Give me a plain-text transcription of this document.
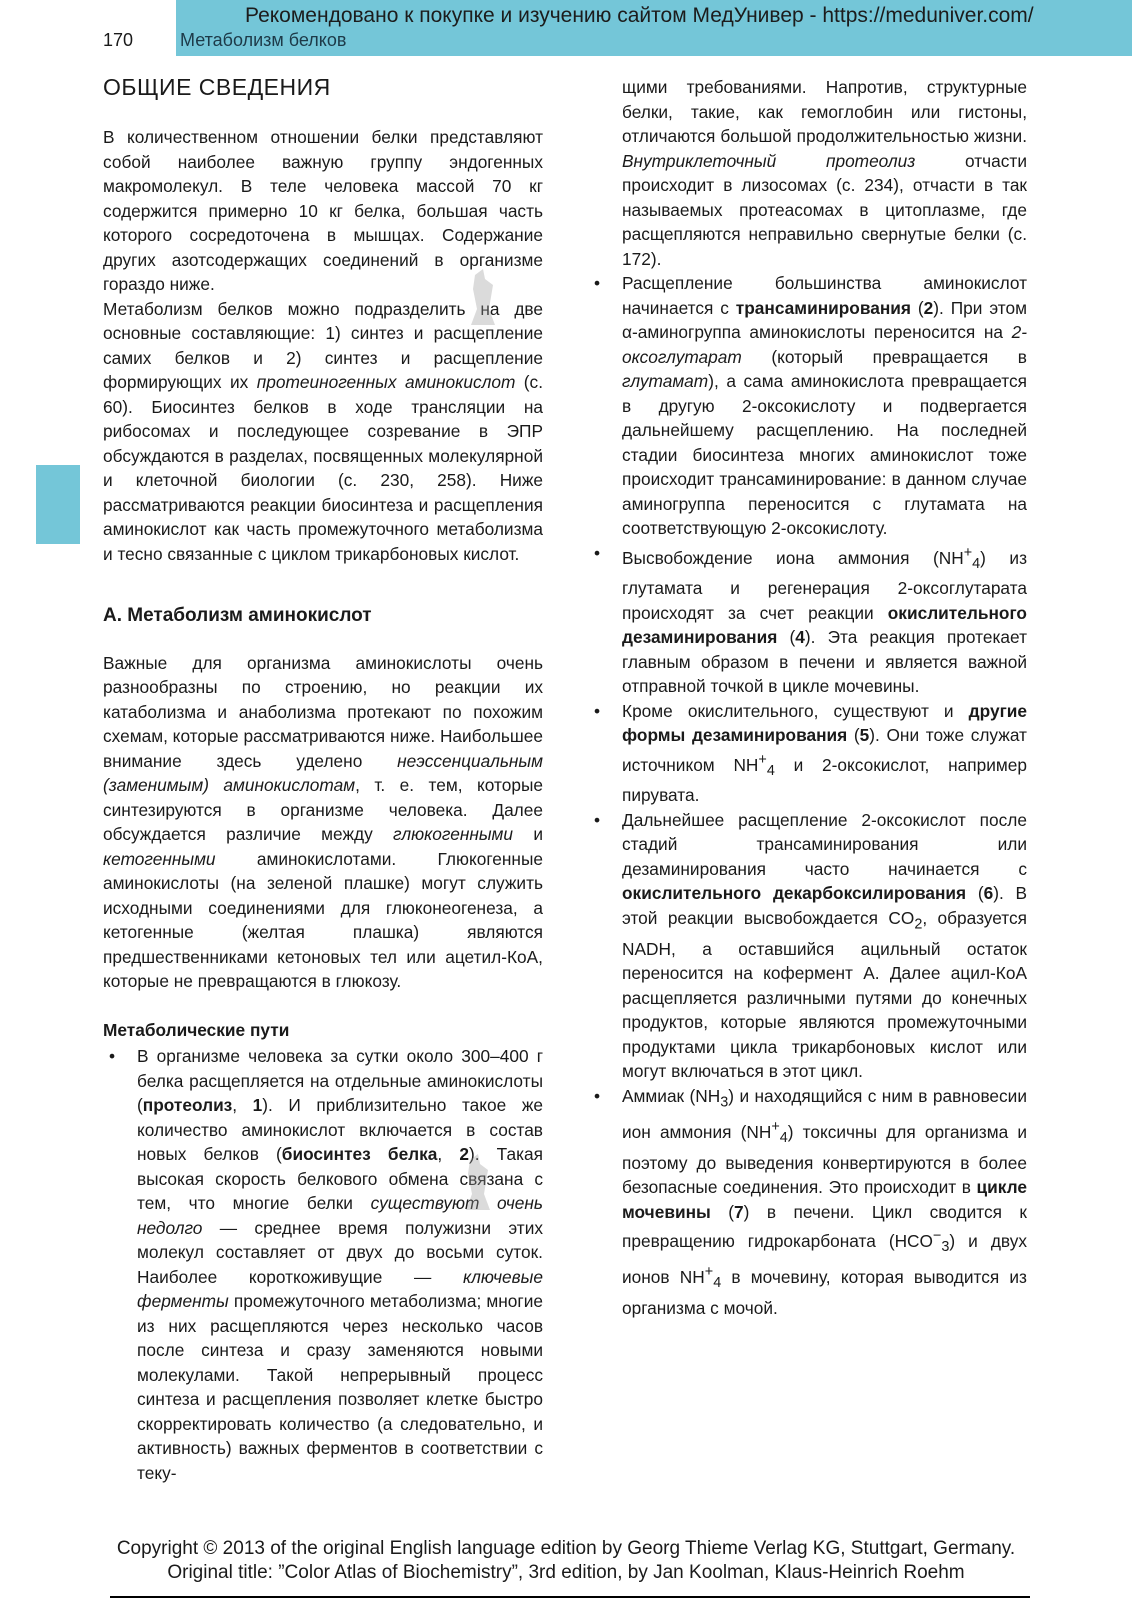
Рекомендовано к покупке и изучению сайтом МедУнивер - https://meduniver.com/
170	Метаболизм белков
ОБЩИЕ СВЕДЕНИЯ

В количественном отношении белки представляют собой наиболее важную группу эндогенных макромолекул. В теле человека массой 70 кг содержится примерно 10 кг белка, большая часть которого сосредоточена в мышцах. Содержание других азотсодержащих соединений в организме гораздо ниже.

Метаболизм белков можно подразделить на две основные составляющие: 1) синтез и расщепление самих белков и 2) синтез и расщепление формирующих их протеиногенных аминокислот (с. 60). Биосинтез белков в ходе трансляции на рибосомах и последующее созревание в ЭПР обсуждаются в разделах, посвященных молекулярной и клеточной биологии (с. 230, 258). Ниже рассматриваются реакции биосинтеза и расщепления аминокислот как часть промежуточного метаболизма и тесно связанные с циклом трикарбоновых кислот.

А. Метаболизм аминокислот

Важные для организма аминокислоты очень разнообразны по строению, но реакции их катаболизма и анаболизма протекают по похожим схемам, которые рассматриваются ниже. Наибольшее внимание здесь уделено неэссенциальным (заменимым) аминокислотам, т. е. тем, которые синтезируются в организме человека. Далее обсуждается различие между глюкогенными и кетогенными аминокислотами. Глюкогенные аминокислоты (на зеленой плашке) могут служить исходными соединениями для глюконеогенеза, а кетогенные (желтая плашка) являются предшественниками кетоновых тел или ацетил-КоА, которые не превращаются в глюкозу.

Метаболические пути
• В организме человека за сутки около 300–400 г белка расщепляется на отдельные аминокислоты (протеолиз, 1). И приблизительно такое же количество аминокислот включается в состав новых белков (биосинтез белка, 2). Такая высокая скорость белкового обмена связана с тем, что многие белки существуют очень недолго — среднее время полужизни этих молекул составляет от двух до восьми суток. Наиболее короткоживущие — ключевые ферменты промежуточного метаболизма; многие из них расщепляются через несколько часов после синтеза и сразу заменяются новыми молекулами. Такой непрерывный процесс синтеза и расщепления позволяет клетке быстро скорректировать количество (а следовательно, и активность) важных ферментов в соответствии с теку-

щими требованиями. Напротив, структурные белки, такие, как гемоглобин или гистоны, отличаются большой продолжительностью жизни. Внутриклеточный протеолиз отчасти происходит в лизосомах (с. 234), отчасти в так называемых протеасомах в цитоплазме, где расщепляются неправильно свернутые белки (с. 172).

• Расщепление большинства аминокислот начинается с трансаминирования (2). При этом α-аминогруппа аминокислоты переносится на 2-оксоглутарат (который превращается в глутамат), а сама аминокислота превращается в другую 2-оксокислоту и подвергается дальнейшему расщеплению. На последней стадии биосинтеза многих аминокислот тоже происходит трансаминирование: в данном случае аминогруппа переносится с глутамата на соответствующую 2-оксокислоту.
• Высвобождение иона аммония $(NH^+_4)$ из глутамата и регенерация 2-оксоглутарата происходят за счет реакции окислительного дезаминирования (4). Эта реакция протекает главным образом в печени и является важной отправной точкой в цикле мочевины.
• Кроме окислительного, существуют и другие формы дезаминирования (5). Они тоже служат источником $NH^+_4$ и 2-оксокислот, например пирувата.
• Дальнейшее расщепление 2-оксокислот после стадий трансаминирования или дезаминирования часто начинается с окислительного декарбоксилирования (6). В этой реакции высвобождается $CO_2$, образуется NADH, а оставшийся ацильный остаток переносится на кофермент A. Далее ацил-КоА расщепляется различными путями до конечных продуктов, которые являются промежуточными продуктами цикла трикарбоновых кислот или могут включаться в этот цикл.
• Аммиак $(NH_3)$ и находящийся с ним в равновесии ион аммония $(NH^+_4)$ токсичны для организма и поэтому до выведения конвертируются в более безопасные соединения. Это происходит в цикле мочевины (7) в печени. Цикл сводится к превращению гидрокарбоната $(HCO^-_3)$ и двух ионов $NH^+_4$ в мочевину, которая выводится из организма с мочой.
Copyright © 2013 of the original English language edition by Georg Thieme Verlag KG, Stuttgart, Germany.
Original title: ”Color Atlas of Biochemistry”, 3rd edition, by Jan Koolman, Klaus-Heinrich Roehm
